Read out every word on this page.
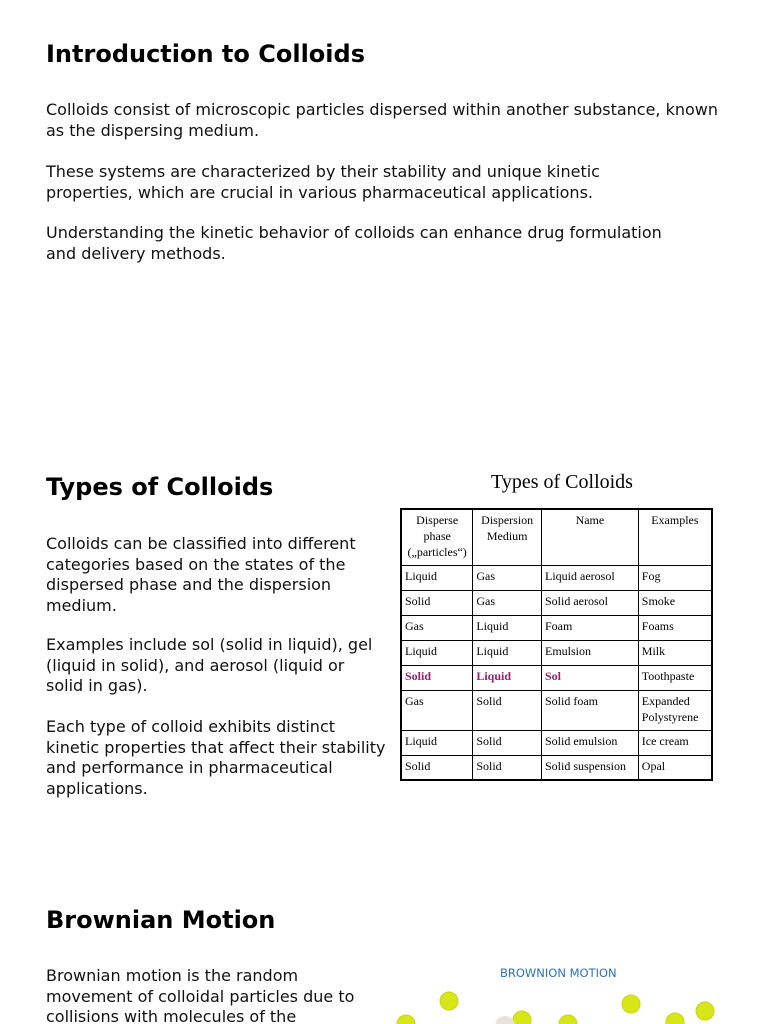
Introduction to Colloids

Colloids consist of microscopic particles dispersed within another substance, known as the dispersing medium.

These systems are characterized by their stability and unique kinetic properties, which are crucial in various pharmaceutical applications.

Understanding the kinetic behavior of colloids can enhance drug formulation and delivery methods.

Types of Colloids

Colloids can be classified into different categories based on the states of the dispersed phase and the dispersion medium.

Examples include sol (solid in liquid), gel (liquid in solid), and aerosol (liquid or solid in gas).

Each type of colloid exhibits distinct kinetic properties that affect their stability and performance in pharmaceutical applications.

Types of Colloids
Disperse phase („particles“)	Dispersion Medium	Name	Examples
Liquid	Gas	Liquid aerosol	Fog
Solid	Gas	Solid aerosol	Smoke
Gas	Liquid	Foam	Foams
Liquid	Liquid	Emulsion	Milk
Solid	Liquid	Sol	Toothpaste
Gas	Solid	Solid foam	Expanded Polystyrene
Liquid	Solid	Solid emulsion	Ice cream
Solid	Solid	Solid suspension	Opal
Brownian Motion

Brownian motion is the random movement of colloidal particles due to collisions with molecules of the

BROWNION MOTION
